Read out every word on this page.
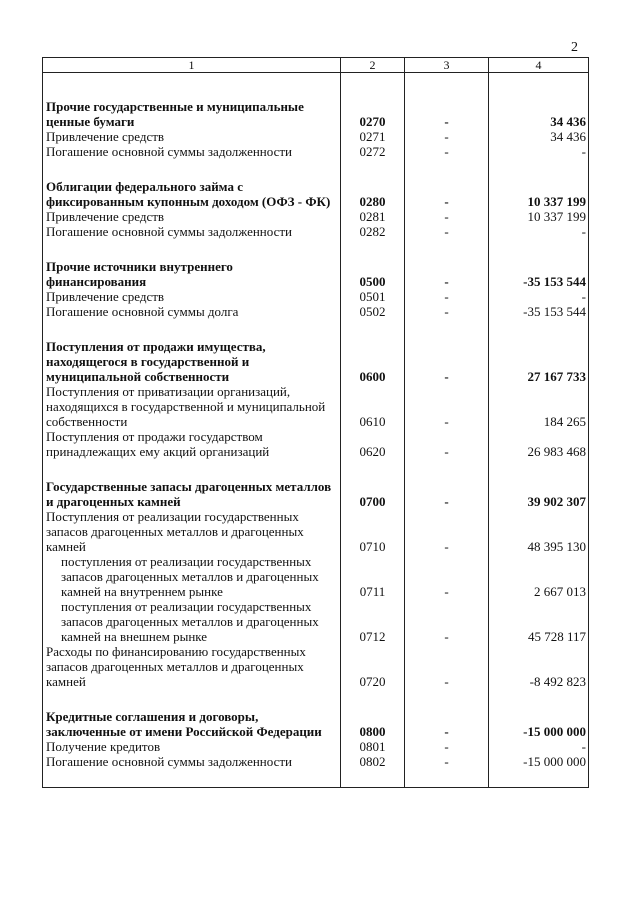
2
1	2	3	4

Прочие государственные и муниципальные ценные бумаги	0270	-	34 436
Привлечение средств	0271	-	34 436
Погашение основной суммы задолженности	0272	-	-

Облигации федерального займа с фиксированным купонным доходом (ОФЗ - ФК)	0280	-	10 337 199
Привлечение средств	0281	-	10 337 199
Погашение основной суммы задолженности	0282	-	-

Прочие источники внутреннего финансирования	0500	-	-35 153 544
Привлечение средств	0501	-	-
Погашение основной суммы долга	0502	-	-35 153 544

Поступления от продажи имущества, находящегося в государственной и муниципальной собственности	0600	-	27 167 733
Поступления от приватизации организаций, находящихся в государственной и муниципальной собственности	0610	-	184 265
Поступления от продажи государством принадлежащих ему акций организаций	0620	-	26 983 468

Государственные запасы драгоценных металлов и драгоценных камней	0700	-	39 902 307
Поступления от реализации государственных запасов драгоценных металлов и драгоценных камней	0710	-	48 395 130
поступления от реализации государственных запасов драгоценных металлов и драгоценных камней на внутреннем рынке	0711	-	2 667 013
поступления от реализации государственных запасов драгоценных металлов и драгоценных камней на внешнем рынке	0712	-	45 728 117
Расходы по финансированию государственных запасов драгоценных металлов и драгоценных камней	0720	-	-8 492 823

Кредитные соглашения и договоры, заключенные от имени Российской Федерации	0800	-	-15 000 000
Получение кредитов	0801	-	-
Погашение основной суммы задолженности	0802	-	-15 000 000
